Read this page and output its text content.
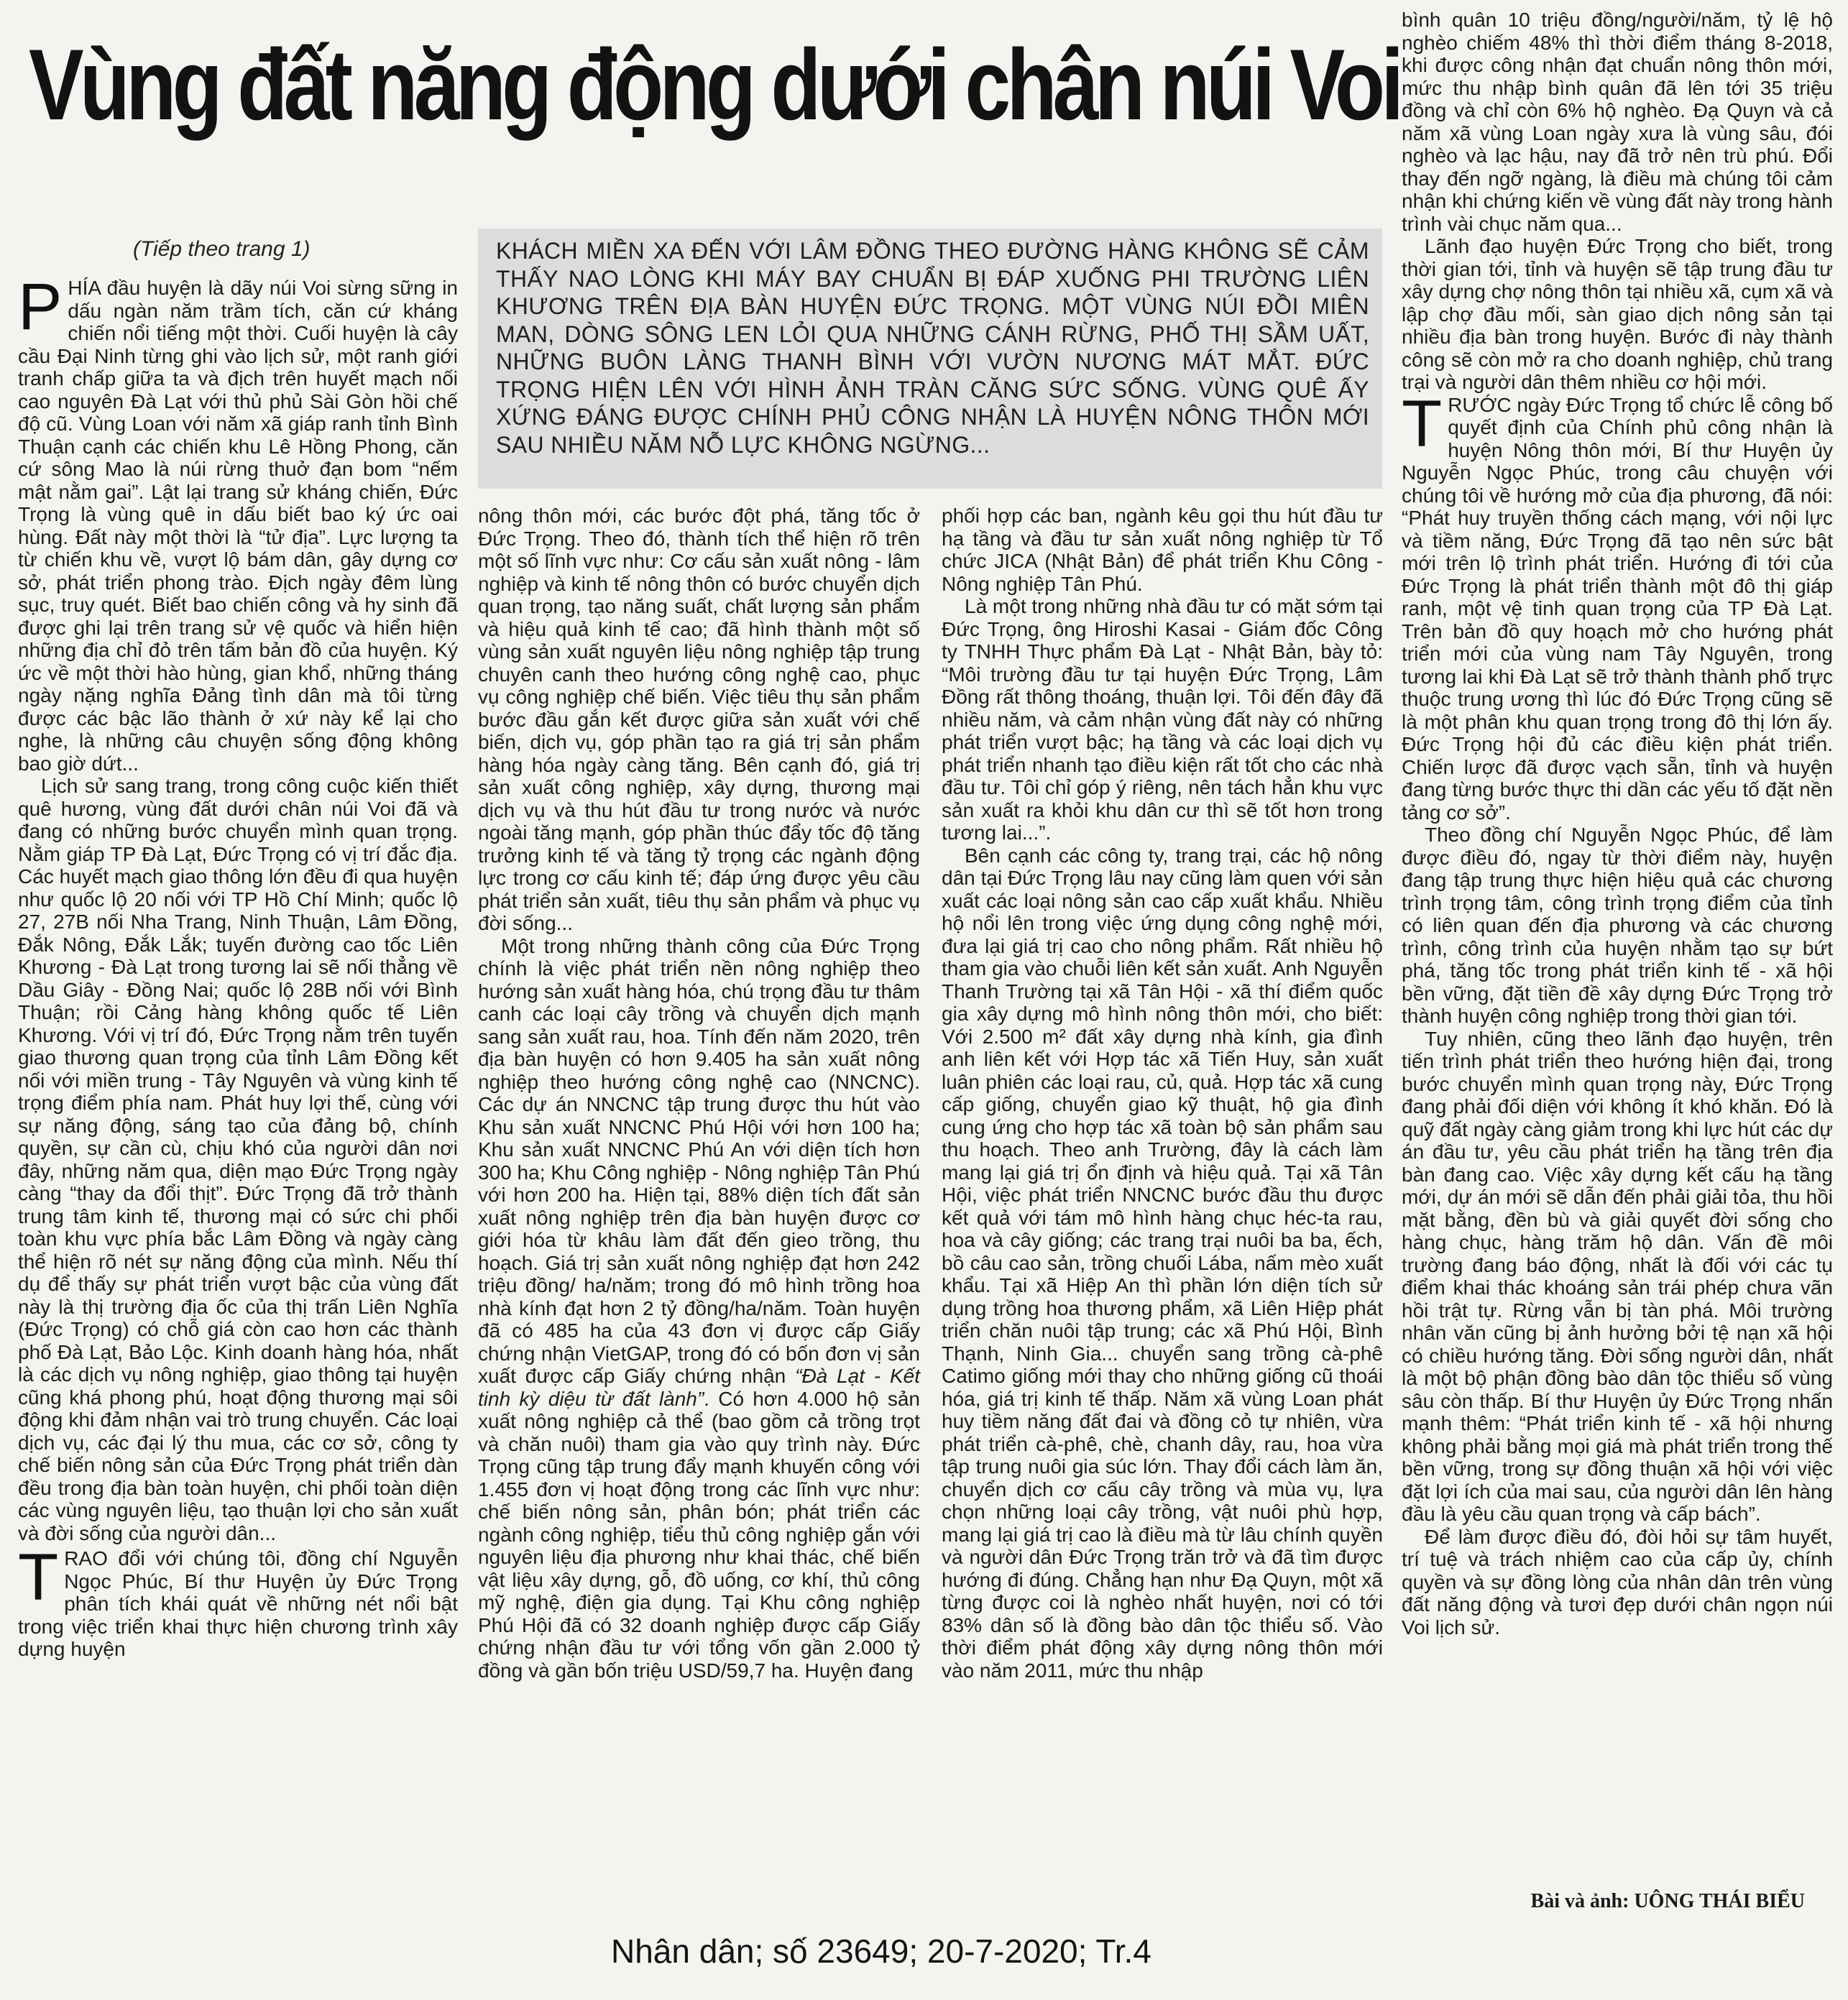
Vùng đất năng động dưới chân núi Voi
(Tiếp theo trang 1)	KHÁCH MIỀN XA ĐẾN VỚI LÂM ĐỒNG THEO ĐƯỜNG HÀNG KHÔNG SẼ CẢM THẤY NAO LÒNG KHI MÁY BAY CHUẨN BỊ ĐÁP XUỐNG PHI TRƯỜNG LIÊN KHƯƠNG TRÊN ĐỊA BÀN HUYỆN ĐỨC TRỌNG. MỘT VÙNG NÚI ĐỒI MIÊN MAN, DÒNG SÔNG LEN LỎI QUA NHỮNG CÁNH RỪNG, PHỐ THỊ SẦM UẤT, NHỮNG BUÔN LÀNG THANH BÌNH VỚI VƯỜN NƯƠNG MÁT MẮT. ĐỨC TRỌNG HIỆN LÊN VỚI HÌNH ẢNH TRÀN CĂNG SỨC SỐNG. VÙNG QUÊ ẤY XỨNG ĐÁNG ĐƯỢC CHÍNH PHỦ CÔNG NHẬN LÀ HUYỆN NÔNG THÔN MỚI SAU NHIỀU NĂM NỖ LỰC KHÔNG NGỪNG...

PHÍA đầu huyện là dãy núi Voi sừng sững in dấu ngàn năm trầm tích, căn cứ kháng chiến nổi tiếng một thời. Cuối huyện là cây cầu Đại Ninh từng ghi vào lịch sử, một ranh giới tranh chấp giữa ta và địch trên huyết mạch nối cao nguyên Đà Lạt với thủ phủ Sài Gòn hồi chế độ cũ. Vùng Loan với năm xã giáp ranh tỉnh Bình Thuận cạnh các chiến khu Lê Hồng Phong, căn cứ sông Mao là núi rừng thuở đạn bom “nếm mật nằm gai”. Lật lại trang sử kháng chiến, Đức Trọng là vùng quê in dấu biết bao ký ức oai hùng. Đất này một thời là “tử địa”. Lực lượng ta từ chiến khu về, vượt lộ bám dân, gây dựng cơ sở, phát triển phong trào. Địch ngày đêm lùng sục, truy quét. Biết bao chiến công và hy sinh đã được ghi lại trên trang sử vệ quốc và hiển hiện những địa chỉ đỏ trên tấm bản đồ của huyện. Ký ức về một thời hào hùng, gian khổ, những tháng ngày nặng nghĩa Đảng tình dân mà tôi từng được các bậc lão thành ở xứ này kể lại cho nghe, là những câu chuyện sống động không bao giờ dứt...

Lịch sử sang trang, trong công cuộc kiến thiết quê hương, vùng đất dưới chân núi Voi đã và đang có những bước chuyển mình quan trọng. Nằm giáp TP Đà Lạt, Đức Trọng có vị trí đắc địa. Các huyết mạch giao thông lớn đều đi qua huyện như quốc lộ 20 nối với TP Hồ Chí Minh; quốc lộ 27, 27B nối Nha Trang, Ninh Thuận, Lâm Đồng, Đắk Nông, Đắk Lắk; tuyến đường cao tốc Liên Khương - Đà Lạt trong tương lai sẽ nối thẳng về Dầu Giây - Đồng Nai; quốc lộ 28B nối với Bình Thuận; rồi Cảng hàng không quốc tế Liên Khương. Với vị trí đó, Đức Trọng nằm trên tuyến giao thương quan trọng của tỉnh Lâm Đồng kết nối với miền trung - Tây Nguyên và vùng kinh tế trọng điểm phía nam. Phát huy lợi thế, cùng với sự năng động, sáng tạo của đảng bộ, chính quyền, sự cần cù, chịu khó của người dân nơi đây, những năm qua, diện mạo Đức Trọng ngày càng “thay da đổi thịt”. Đức Trọng đã trở thành trung tâm kinh tế, thương mại có sức chi phối toàn khu vực phía bắc Lâm Đồng và ngày càng thể hiện rõ nét sự năng động của mình. Nếu thí dụ để thấy sự phát triển vượt bậc của vùng đất này là thị trường địa ốc của thị trấn Liên Nghĩa (Đức Trọng) có chỗ giá còn cao hơn các thành phố Đà Lạt, Bảo Lộc. Kinh doanh hàng hóa, nhất là các dịch vụ nông nghiệp, giao thông tại huyện cũng khá phong phú, hoạt động thương mại sôi động khi đảm nhận vai trò trung chuyển. Các loại dịch vụ, các đại lý thu mua, các cơ sở, công ty chế biến nông sản của Đức Trọng phát triển dàn đều trong địa bàn toàn huyện, chi phối toàn diện các vùng nguyên liệu, tạo thuận lợi cho sản xuất và đời sống của người dân...

TRAO đổi với chúng tôi, đồng chí Nguyễn Ngọc Phúc, Bí thư Huyện ủy Đức Trọng phân tích khái quát về những nét nổi bật trong việc triển khai thực hiện chương trình xây dựng huyện

nông thôn mới, các bước đột phá, tăng tốc ở Đức Trọng. Theo đó, thành tích thể hiện rõ trên một số lĩnh vực như: Cơ cấu sản xuất nông - lâm nghiệp và kinh tế nông thôn có bước chuyển dịch quan trọng, tạo năng suất, chất lượng sản phẩm và hiệu quả kinh tế cao; đã hình thành một số vùng sản xuất nguyên liệu nông nghiệp tập trung chuyên canh theo hướng công nghệ cao, phục vụ công nghiệp chế biến. Việc tiêu thụ sản phẩm bước đầu gắn kết được giữa sản xuất với chế biến, dịch vụ, góp phần tạo ra giá trị sản phẩm hàng hóa ngày càng tăng. Bên cạnh đó, giá trị sản xuất công nghiệp, xây dựng, thương mại dịch vụ và thu hút đầu tư trong nước và nước ngoài tăng mạnh, góp phần thúc đẩy tốc độ tăng trưởng kinh tế và tăng tỷ trọng các ngành động lực trong cơ cấu kinh tế; đáp ứng được yêu cầu phát triển sản xuất, tiêu thụ sản phẩm và phục vụ đời sống...

Một trong những thành công của Đức Trọng chính là việc phát triển nền nông nghiệp theo hướng sản xuất hàng hóa, chú trọng đầu tư thâm canh các loại cây trồng và chuyển dịch mạnh sang sản xuất rau, hoa. Tính đến năm 2020, trên địa bàn huyện có hơn 9.405 ha sản xuất nông nghiệp theo hướng công nghệ cao (NNCNC). Các dự án NNCNC tập trung được thu hút vào Khu sản xuất NNCNC Phú Hội với hơn 100 ha; Khu sản xuất NNCNC Phú An với diện tích hơn 300 ha; Khu Công nghiệp - Nông nghiệp Tân Phú với hơn 200 ha. Hiện tại, 88% diện tích đất sản xuất nông nghiệp trên địa bàn huyện được cơ giới hóa từ khâu làm đất đến gieo trồng, thu hoạch. Giá trị sản xuất nông nghiệp đạt hơn 242 triệu đồng/ ha/năm; trong đó mô hình trồng hoa nhà kính đạt hơn 2 tỷ đồng/ha/năm. Toàn huyện đã có 485 ha của 43 đơn vị được cấp Giấy chứng nhận VietGAP, trong đó có bốn đơn vị sản xuất được cấp Giấy chứng nhận “Đà Lạt - Kết tinh kỳ diệu từ đất lành”. Có hơn 4.000 hộ sản xuất nông nghiệp cả thể (bao gồm cả trồng trọt và chăn nuôi) tham gia vào quy trình này. Đức Trọng cũng tập trung đẩy mạnh khuyến công với 1.455 đơn vị hoạt động trong các lĩnh vực như: chế biến nông sản, phân bón; phát triển các ngành công nghiệp, tiểu thủ công nghiệp gắn với nguyên liệu địa phương như khai thác, chế biến vật liệu xây dựng, gỗ, đồ uống, cơ khí, thủ công mỹ nghệ, điện gia dụng. Tại Khu công nghiệp Phú Hội đã có 32 doanh nghiệp được cấp Giấy chứng nhận đầu tư với tổng vốn gần 2.000 tỷ đồng và gần bốn triệu USD/59,7 ha. Huyện đang

phối hợp các ban, ngành kêu gọi thu hút đầu tư hạ tầng và đầu tư sản xuất nông nghiệp từ Tổ chức JICA (Nhật Bản) để phát triển Khu Công - Nông nghiệp Tân Phú.

Là một trong những nhà đầu tư có mặt sớm tại Đức Trọng, ông Hiroshi Kasai - Giám đốc Công ty TNHH Thực phẩm Đà Lạt - Nhật Bản, bày tỏ: “Môi trường đầu tư tại huyện Đức Trọng, Lâm Đồng rất thông thoáng, thuận lợi. Tôi đến đây đã nhiều năm, và cảm nhận vùng đất này có những phát triển vượt bậc; hạ tầng và các loại dịch vụ phát triển nhanh tạo điều kiện rất tốt cho các nhà đầu tư. Tôi chỉ góp ý riêng, nên tách hẳn khu vực sản xuất ra khỏi khu dân cư thì sẽ tốt hơn trong tương lai...”.

Bên cạnh các công ty, trang trại, các hộ nông dân tại Đức Trọng lâu nay cũng làm quen với sản xuất các loại nông sản cao cấp xuất khẩu. Nhiều hộ nổi lên trong việc ứng dụng công nghệ mới, đưa lại giá trị cao cho nông phẩm. Rất nhiều hộ tham gia vào chuỗi liên kết sản xuất. Anh Nguyễn Thanh Trường tại xã Tân Hội - xã thí điểm quốc gia xây dựng mô hình nông thôn mới, cho biết: Với 2.500 m² đất xây dựng nhà kính, gia đình anh liên kết với Hợp tác xã Tiến Huy, sản xuất luân phiên các loại rau, củ, quả. Hợp tác xã cung cấp giống, chuyển giao kỹ thuật, hộ gia đình cung ứng cho hợp tác xã toàn bộ sản phẩm sau thu hoạch. Theo anh Trường, đây là cách làm mang lại giá trị ổn định và hiệu quả. Tại xã Tân Hội, việc phát triển NNCNC bước đầu thu được kết quả với tám mô hình hàng chục héc-ta rau, hoa và cây giống; các trang trại nuôi ba ba, ếch, bồ câu cao sản, trồng chuối Lába, nấm mèo xuất khẩu. Tại xã Hiệp An thì phần lớn diện tích sử dụng trồng hoa thương phẩm, xã Liên Hiệp phát triển chăn nuôi tập trung; các xã Phú Hội, Bình Thạnh, Ninh Gia... chuyển sang trồng cà-phê Catimo giống mới thay cho những giống cũ thoái hóa, giá trị kinh tế thấp. Năm xã vùng Loan phát huy tiềm năng đất đai và đồng cỏ tự nhiên, vừa phát triển cà-phê, chè, chanh dây, rau, hoa vừa tập trung nuôi gia súc lớn. Thay đổi cách làm ăn, chuyển dịch cơ cấu cây trồng và mùa vụ, lựa chọn những loại cây trồng, vật nuôi phù hợp, mang lại giá trị cao là điều mà từ lâu chính quyền và người dân Đức Trọng trăn trở và đã tìm được hướng đi đúng. Chẳng hạn như Đạ Quyn, một xã từng được coi là nghèo nhất huyện, nơi có tới 83% dân số là đồng bào dân tộc thiểu số. Vào thời điểm phát động xây dựng nông thôn mới vào năm 2011, mức thu nhập

bình quân 10 triệu đồng/người/năm, tỷ lệ hộ nghèo chiếm 48% thì thời điểm tháng 8-2018, khi được công nhận đạt chuẩn nông thôn mới, mức thu nhập bình quân đã lên tới 35 triệu đồng và chỉ còn 6% hộ nghèo. Đạ Quyn và cả năm xã vùng Loan ngày xưa là vùng sâu, đói nghèo và lạc hậu, nay đã trở nên trù phú. Đổi thay đến ngỡ ngàng, là điều mà chúng tôi cảm nhận khi chứng kiến về vùng đất này trong hành trình vài chục năm qua...

Lãnh đạo huyện Đức Trọng cho biết, trong thời gian tới, tỉnh và huyện sẽ tập trung đầu tư xây dựng chợ nông thôn tại nhiều xã, cụm xã và lập chợ đầu mối, sàn giao dịch nông sản tại nhiều địa bàn trong huyện. Bước đi này thành công sẽ còn mở ra cho doanh nghiệp, chủ trang trại và người dân thêm nhiều cơ hội mới.

TRƯỚC ngày Đức Trọng tổ chức lễ công bố quyết định của Chính phủ công nhận là huyện Nông thôn mới, Bí thư Huyện ủy Nguyễn Ngọc Phúc, trong câu chuyện với chúng tôi về hướng mở của địa phương, đã nói: “Phát huy truyền thống cách mạng, với nội lực và tiềm năng, Đức Trọng đã tạo nên sức bật mới trên lộ trình phát triển. Hướng đi tới của Đức Trọng là phát triển thành một đô thị giáp ranh, một vệ tinh quan trọng của TP Đà Lạt. Trên bản đồ quy hoạch mở cho hướng phát triển mới của vùng nam Tây Nguyên, trong tương lai khi Đà Lạt sẽ trở thành thành phố trực thuộc trung ương thì lúc đó Đức Trọng cũng sẽ là một phân khu quan trọng trong đô thị lớn ấy. Đức Trọng hội đủ các điều kiện phát triển. Chiến lược đã được vạch sẵn, tỉnh và huyện đang từng bước thực thi dần các yếu tố đặt nền tảng cơ sở”.

Theo đồng chí Nguyễn Ngọc Phúc, để làm được điều đó, ngay từ thời điểm này, huyện đang tập trung thực hiện hiệu quả các chương trình trọng tâm, công trình trọng điểm của tỉnh có liên quan đến địa phương và các chương trình, công trình của huyện nhằm tạo sự bứt phá, tăng tốc trong phát triển kinh tế - xã hội bền vững, đặt tiền đề xây dựng Đức Trọng trở thành huyện công nghiệp trong thời gian tới.

Tuy nhiên, cũng theo lãnh đạo huyện, trên tiến trình phát triển theo hướng hiện đại, trong bước chuyển mình quan trọng này, Đức Trọng đang phải đối diện với không ít khó khăn. Đó là quỹ đất ngày càng giảm trong khi lực hút các dự án đầu tư, yêu cầu phát triển hạ tầng trên địa bàn đang cao. Việc xây dựng kết cấu hạ tầng mới, dự án mới sẽ dẫn đến phải giải tỏa, thu hồi mặt bằng, đền bù và giải quyết đời sống cho hàng chục, hàng trăm hộ dân. Vấn đề môi trường đang báo động, nhất là đối với các tụ điểm khai thác khoáng sản trái phép chưa vãn hồi trật tự. Rừng vẫn bị tàn phá. Môi trường nhân văn cũng bị ảnh hưởng bởi tệ nạn xã hội có chiều hướng tăng. Đời sống người dân, nhất là một bộ phận đồng bào dân tộc thiểu số vùng sâu còn thấp. Bí thư Huyện ủy Đức Trọng nhấn mạnh thêm: “Phát triển kinh tế - xã hội nhưng không phải bằng mọi giá mà phát triển trong thế bền vững, trong sự đồng thuận xã hội với việc đặt lợi ích của mai sau, của người dân lên hàng đầu là yêu cầu quan trọng và cấp bách”.

Để làm được điều đó, đòi hỏi sự tâm huyết, trí tuệ và trách nhiệm cao của cấp ủy, chính quyền và sự đồng lòng của nhân dân trên vùng đất năng động và tươi đẹp dưới chân ngọn núi Voi lịch sử.

Bài và ảnh: UÔNG THÁI BIỂU
Nhân dân; số 23649; 20-7-2020; Tr.4
